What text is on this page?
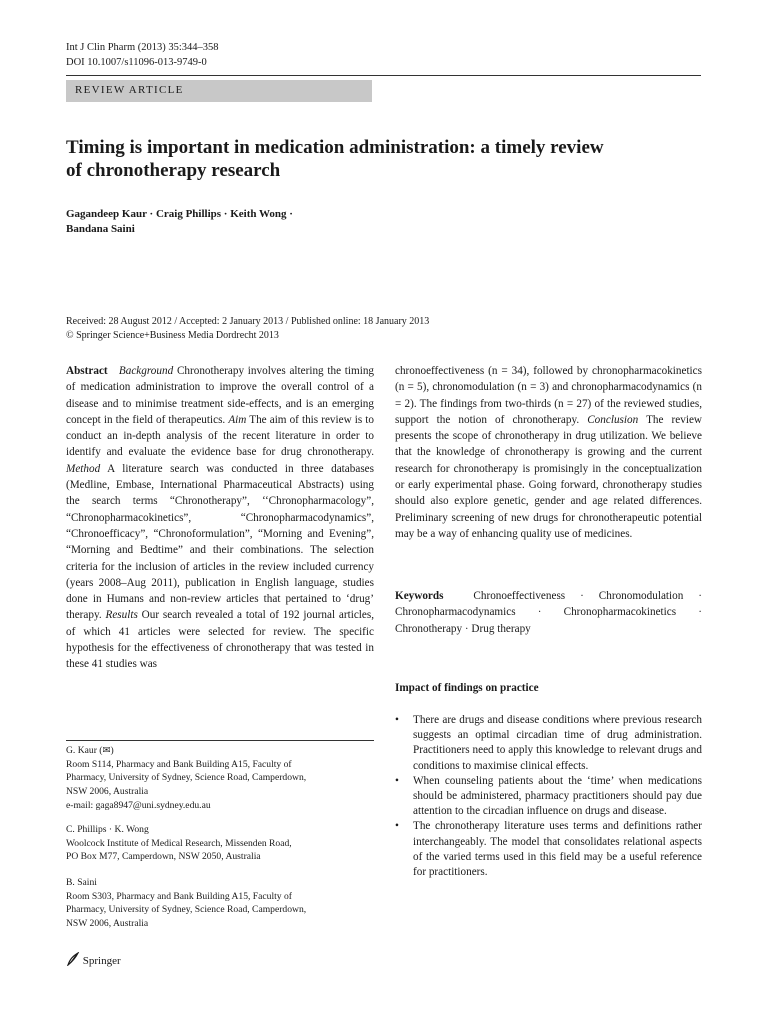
Int J Clin Pharm (2013) 35:344–358
DOI 10.1007/s11096-013-9749-0
REVIEW ARTICLE
Timing is important in medication administration: a timely review
of chronotherapy research
Gagandeep Kaur · Craig Phillips · Keith Wong ·
Bandana Saini
Received: 28 August 2012 / Accepted: 2 January 2013 / Published online: 18 January 2013
© Springer Science+Business Media Dordrecht 2013
Abstract Background Chronotherapy involves altering the timing of medication administration to improve the overall control of a disease and to minimise treatment side-effects, and is an emerging concept in the field of therapeutics. Aim The aim of this review is to conduct an in-depth analysis of the recent literature in order to identify and evaluate the evidence base for drug chronotherapy. Method A literature search was conducted in three databases (Medline, Embase, International Pharmaceutical Abstracts) using the search terms “Chronotherapy”, ‘‘Chronopharmacology”, “Chronopharmacokinetics”, “Chronopharmacodynamics”, “Chronoefficacy”, “Chronoformulation”, “Morning and Evening”, “Morning and Bedtime” and their combinations. The selection criteria for the inclusion of articles in the review included currency (years 2008–Aug 2011), publication in English language, studies done in Humans and non-review articles that pertained to ‘drug’ therapy. Results Our search revealed a total of 192 journal articles, of which 41 articles were selected for review. The specific hypothesis for the effectiveness of chronotherapy that was tested in these 41 studies was
chronoeffectiveness (n = 34), followed by chronopharmacokinetics (n = 5), chronomodulation (n = 3) and chronopharmacodynamics (n = 2). The findings from two-thirds (n = 27) of the reviewed studies, support the notion of chronotherapy. Conclusion The review presents the scope of chronotherapy in drug utilization. We believe that the knowledge of chronotherapy is growing and the current research for chronotherapy is promisingly in the conceptualization or early experimental phase. Going forward, chronotherapy studies should also explore genetic, gender and age related differences. Preliminary screening of new drugs for chronotherapeutic potential may be a way of enhancing quality use of medicines.
Keywords	Chronoeffectiveness · Chronomodulation · Chronopharmacodynamics · Chronopharmacokinetics · Chronotherapy · Drug therapy
Impact of findings on practice
• There are drugs and disease conditions where previous research suggests an optimal circadian time of drug administration. Practitioners need to apply this knowledge to relevant drugs and conditions to maximise clinical effects.
• When counseling patients about the ‘time’ when medications should be administered, pharmacy practitioners should pay due attention to the circadian influence on drugs and disease.
• The chronotherapy literature uses terms and definitions rather interchangeably. The model that consolidates relational aspects of the varied terms used in this field may be a useful reference for practitioners.
G. Kaur (✉)
Room S114, Pharmacy and Bank Building A15, Faculty of
Pharmacy, University of Sydney, Science Road, Camperdown,
NSW 2006, Australia
e-mail: gaga8947@uni.sydney.edu.au
C. Phillips · K. Wong
Woolcock Institute of Medical Research, Missenden Road,
PO Box M77, Camperdown, NSW 2050, Australia
B. Saini
Room S303, Pharmacy and Bank Building A15, Faculty of
Pharmacy, University of Sydney, Science Road, Camperdown,
NSW 2006, Australia
Springer
